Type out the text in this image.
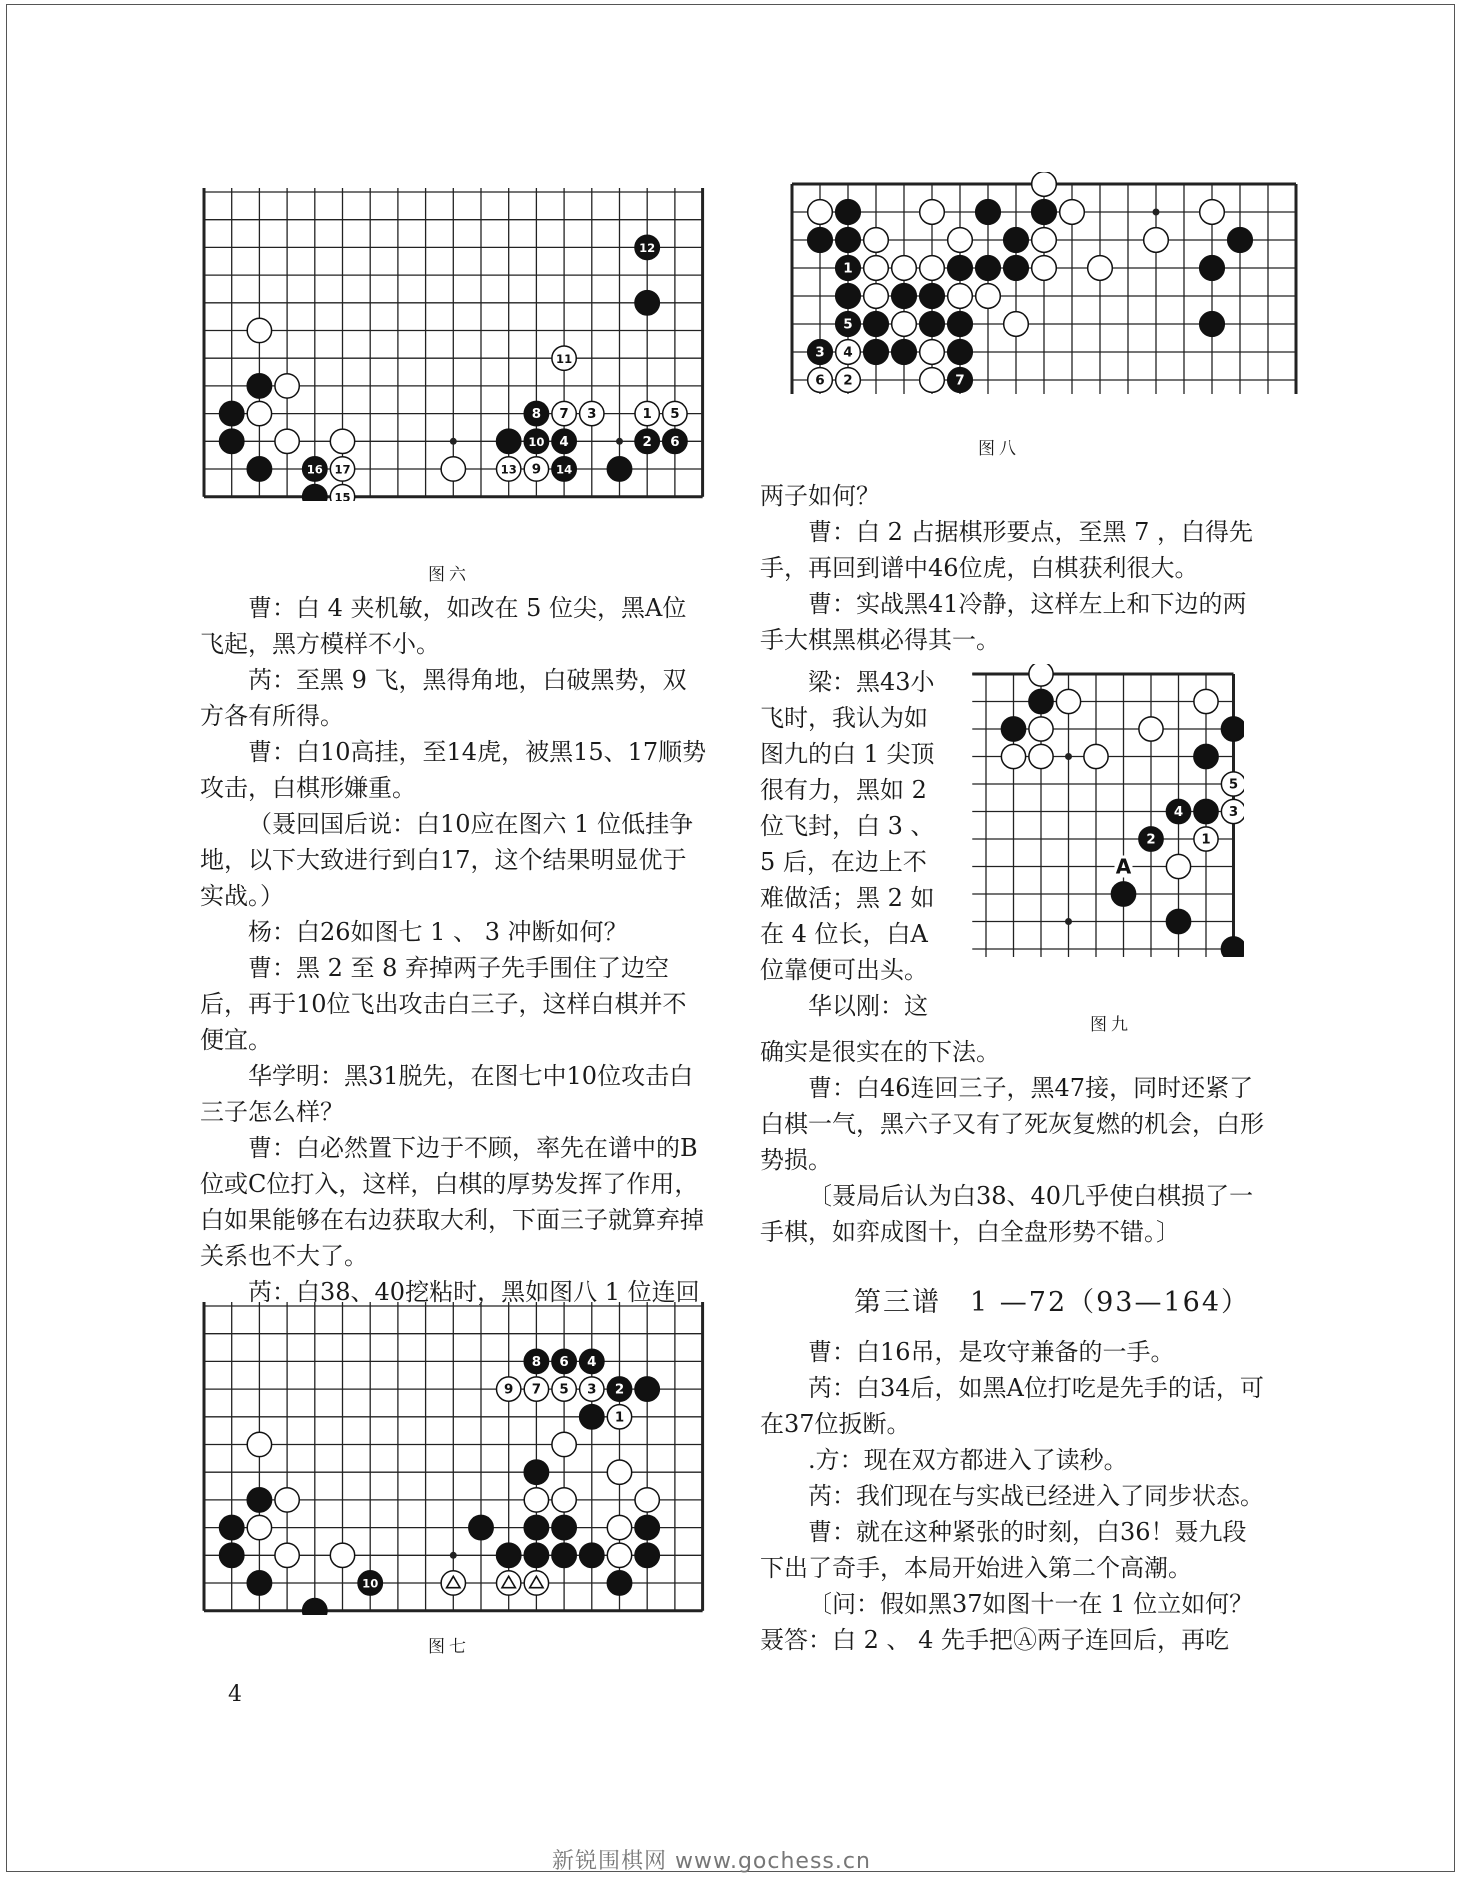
16 17
15
12
11
8 7 3	1 5
10 4	2 6
13 9 14
图六

曹：白 4 夹机敏，如改在 5 位尖，黑A位飞起，黑方模样不小。

芮：至黑 9 飞，黑得角地，白破黑势，双方各有所得。

曹：白10高挂，至14虎，被黑15、17顺势攻击，白棋形嫌重。

（聂回国后说：白10应在图六 1 位低挂争地，以下大致进行到白17，这个结果明显优于实战。）

杨：白26如图七 1 、 3 冲断如何？

曹：黑 2 至 8 弃掉两子先手围住了边空后，再于10位飞出攻击白三子，这样白棋并不便宜。

华学明：黑31脱先，在图七中10位攻击白三子怎么样？

曹：白必然置下边于不顾，率先在谱中的B位或C位打入，这样，白棋的厚势发挥了作用，白如果能够在右边获取大利，下面三子就算弃掉关系也不大了。

芮：白38、40挖粘时，黑如图八 1 位连回

8 6 4
9 7 5 3 2
1
10
图七
1
5
3 4
6 2	7
图八

两子如何？

曹：白 2 占据棋形要点，至黑 7 ，白得先手，再回到谱中46位虎，白棋获利很大。

曹：实战黑41冷静，这样左上和下边的两手大棋黑棋必得其一。

梁：黑43小

飞时，我认为如

图九的白 1 尖顶

很有力，黑如 2

位飞封，白 3 、

5 后，在边上不

难做活；黑 2 如

在 4 位长，白A

位靠便可出头。

华以刚：这

5
4	3
2	1
A
图九

确实是很实在的下法。

曹：白46连回三子，黑47接，同时还紧了白棋一气，黑六子又有了死灰复燃的机会，白形势损。

〔聂局后认为白38、40几乎使白棋损了一手棋，如弈成图十，白全盘形势不错。〕

第三谱　1 —72（93—164）

曹：白16吊，是攻守兼备的一手。

芮：白34后，如黑A位打吃是先手的话，可在37位扳断。

.方：现在双方都进入了读秒。

芮：我们现在与实战已经进入了同步状态。

曹：就在这种紧张的时刻，白36！聂九段下出了奇手，本局开始进入第二个高潮。

〔问：假如黑37如图十一在 1 位立如何？

聂答：白 2 、 4 先手把Ⓐ两子连回后，再吃

4
新锐围棋网 www.gochess.cn
